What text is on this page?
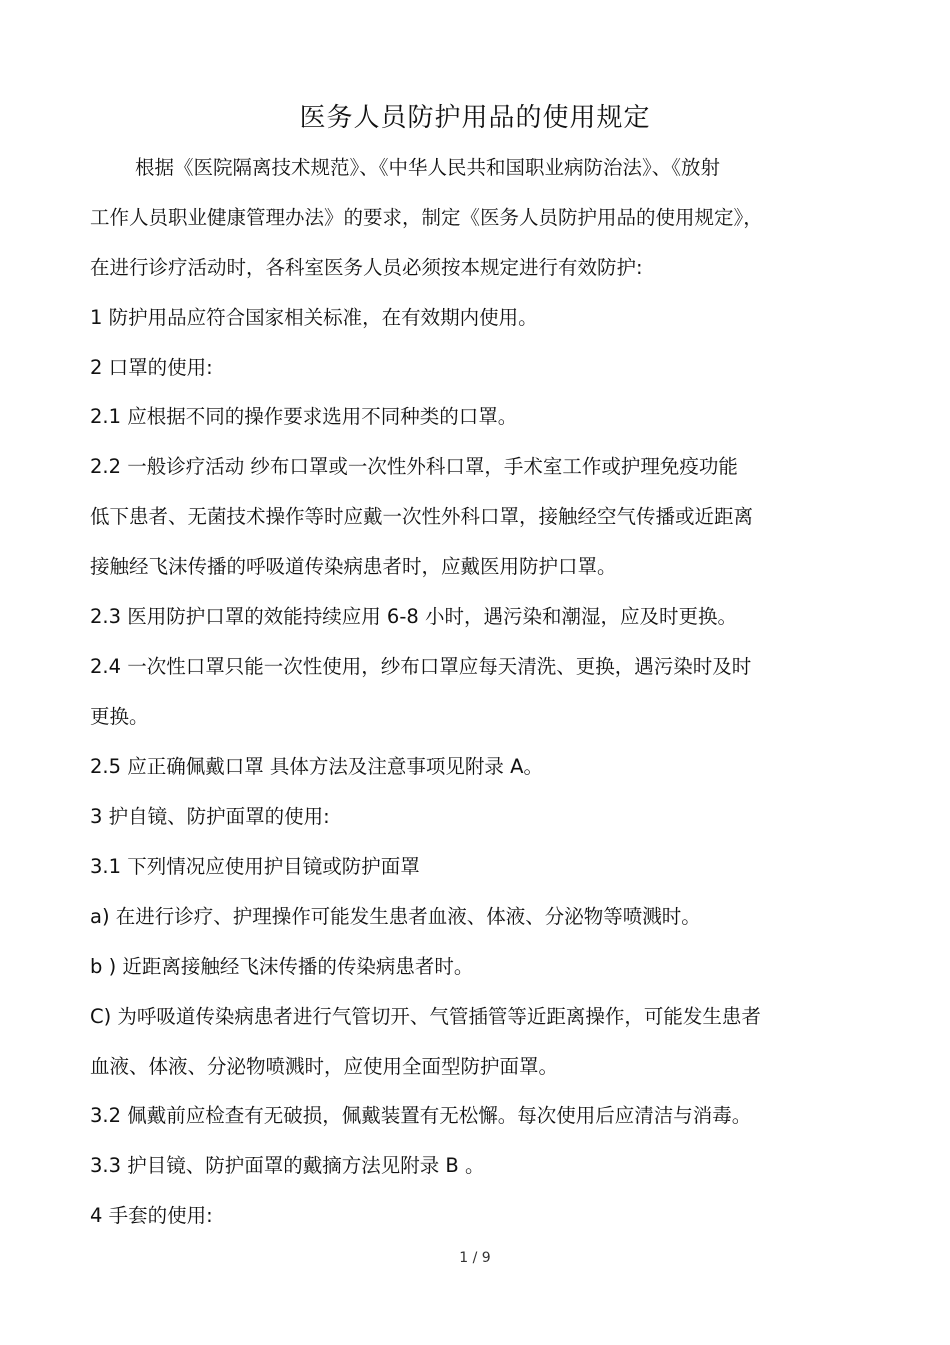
医务人员防护用品的使用规定
根据《医院隔离技术规范》、《中华人民共和国职业病防治法》、《放射
工作人员职业健康管理办法》的要求，制定《医务人员防护用品的使用规定》，
在进行诊疗活动时，各科室医务人员必须按本规定进行有效防护:
1 防护用品应符合国家相关标准，在有效期内使用。
2 口罩的使用:
2.1 应根据不同的操作要求选用不同种类的口罩。
2.2 一般诊疗活动 纱布口罩或一次性外科口罩，手术室工作或护理免疫功能
低下患者、无菌技术操作等时应戴一次性外科口罩，接触经空气传播或近距离
接触经飞沫传播的呼吸道传染病患者时，应戴医用防护口罩。
2.3 医用防护口罩的效能持续应用 6-8 小时，遇污染和潮湿，应及时更换。
2.4 一次性口罩只能一次性使用，纱布口罩应每天清洗、更换，遇污染时及时
更换。
2.5 应正确佩戴口罩 具体方法及注意事项见附录 A。
3 护自镜、防护面罩的使用:
3.1 下列情况应使用护目镜或防护面罩
a) 在进行诊疗、护理操作可能发生患者血液、体液、分泌物等喷溅时。
b ) 近距离接触经飞沫传播的传染病患者时。
C) 为呼吸道传染病患者进行气管切开、气管插管等近距离操作，可能发生患者
血液、体液、分泌物喷溅时，应使用全面型防护面罩。
3.2 佩戴前应检查有无破损，佩戴装置有无松懈。每次使用后应清洁与消毒。
3.3 护目镜、防护面罩的戴摘方法见附录 B 。
4 手套的使用:
1 / 9
